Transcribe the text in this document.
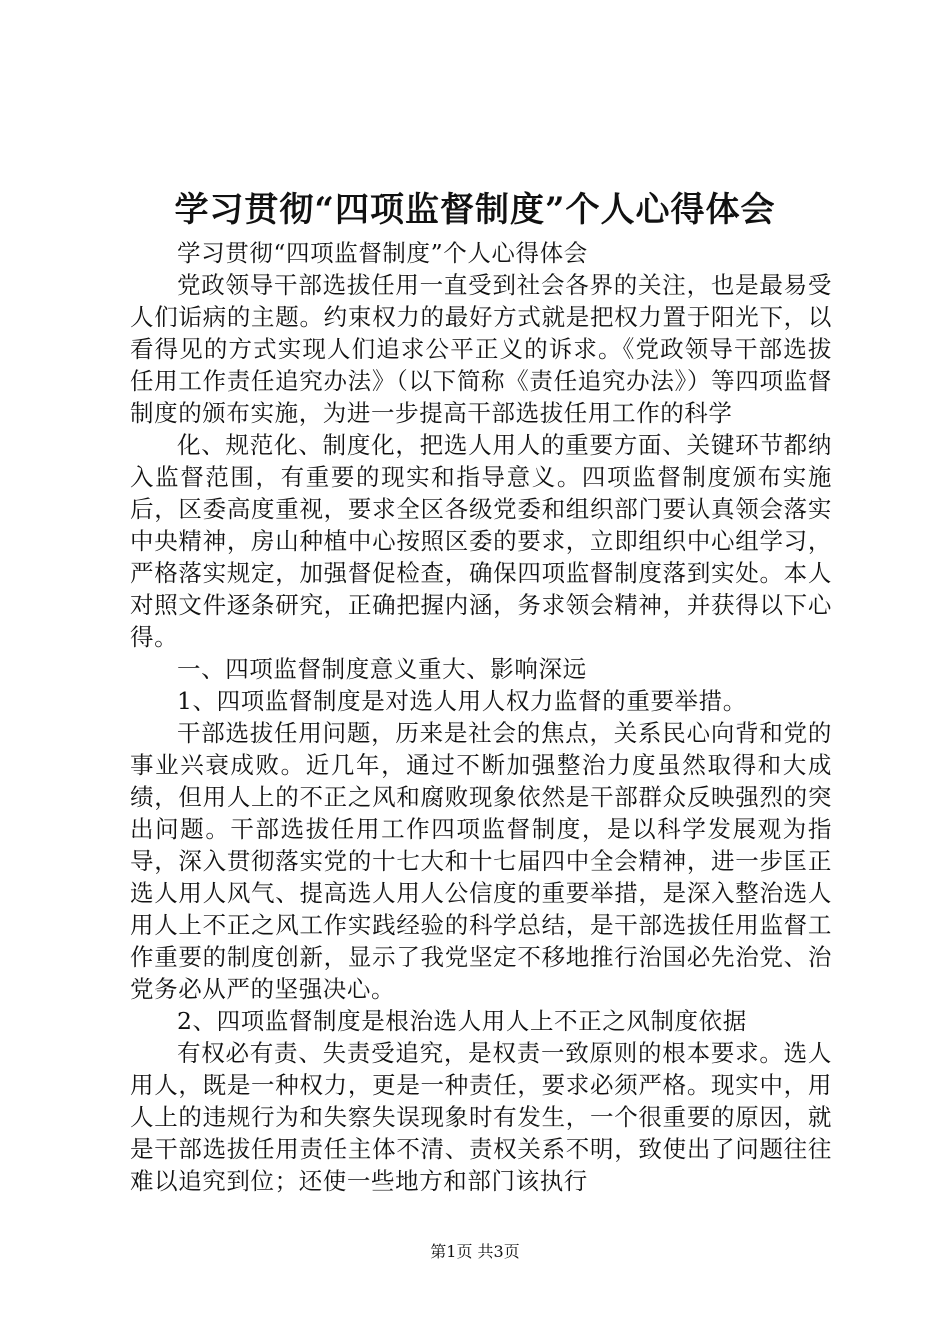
学习贯彻“四项监督制度”个人心得体会

学习贯彻“四项监督制度”个人心得体会

党政领导干部选拔任用一直受到社会各界的关注，也是最易受人们诟病的主题。约束权力的最好方式就是把权力置于阳光下，以看得见的方式实现人们追求公平正义的诉求。《党政领导干部选拔任用工作责任追究办法》（以下简称《责任追究办法》）等四项监督制度的颁布实施，为进一步提高干部选拔任用工作的科学

化、规范化、制度化，把选人用人的重要方面、关键环节都纳入监督范围，有重要的现实和指导意义。四项监督制度颁布实施后，区委高度重视，要求全区各级党委和组织部门要认真领会落实中央精神，房山种植中心按照区委的要求，立即组织中心组学习，严格落实规定，加强督促检查，确保四项监督制度落到实处。本人对照文件逐条研究，正确把握内涵，务求领会精神，并获得以下心得。

一、四项监督制度意义重大、影响深远

1、四项监督制度是对选人用人权力监督的重要举措。

干部选拔任用问题，历来是社会的焦点，关系民心向背和党的事业兴衰成败。近几年，通过不断加强整治力度虽然取得和大成绩，但用人上的不正之风和腐败现象依然是干部群众反映强烈的突出问题。干部选拔任用工作四项监督制度，是以科学发展观为指导，深入贯彻落实党的十七大和十七届四中全会精神，进一步匡正选人用人风气、提高选人用人公信度的重要举措，是深入整治选人用人上不正之风工作实践经验的科学总结，是干部选拔任用监督工作重要的制度创新，显示了我党坚定不移地推行治国必先治党、治党务必从严的坚强决心。

2、四项监督制度是根治选人用人上不正之风制度依据

有权必有责、失责受追究，是权责一致原则的根本要求。选人用人，既是一种权力，更是一种责任，要求必须严格。现实中，用人上的违规行为和失察失误现象时有发生，一个很重要的原因，就是干部选拔任用责任主体不清、责权关系不明，致使出了问题往往难以追究到位；还使一些地方和部门该执行

第1页 共3页
